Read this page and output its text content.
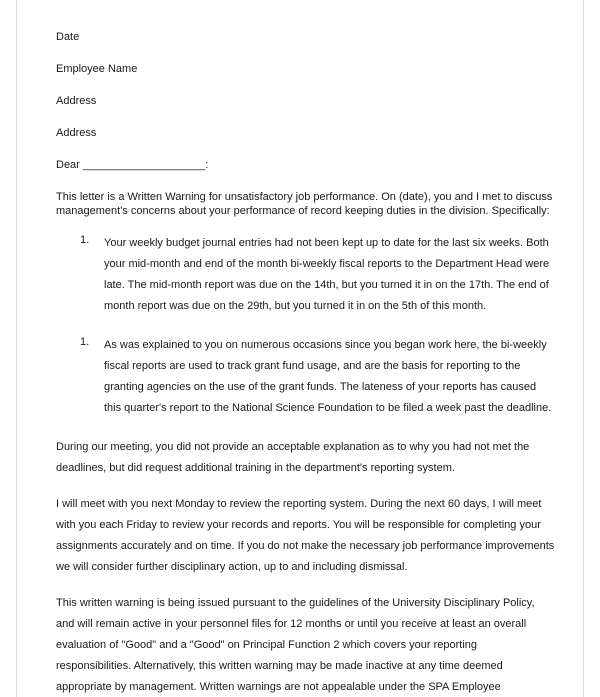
Date

Employee Name

Address

Address

Dear ____________________:

This letter is a Written Warning for unsatisfactory job performance. On (date), you and I met to discuss

management's concerns about your performance of record keeping duties in the division. Specifically:

1.	Your weekly budget journal entries had not been kept up to date for the last six weeks. Both

your mid-month and end of the month bi-weekly fiscal reports to the Department Head were

late. The mid-month report was due on the 14th, but you turned it in on the 17th. The end of

month report was due on the 29th, but you turned it in on the 5th of this month.

1.	As was explained to you on numerous occasions since you began work here, the bi-weekly

fiscal reports are used to track grant fund usage, and are the basis for reporting to the

granting agencies on the use of the grant funds. The lateness of your reports has caused

this quarter's report to the National Science Foundation to be filed a week past the deadline.

During our meeting, you did not provide an acceptable explanation as to why you had not met the

deadlines, but did request additional training in the department's reporting system.

I will meet with you next Monday to review the reporting system. During the next 60 days, I will meet

with you each Friday to review your records and reports. You will be responsible for completing your

assignments accurately and on time. If you do not make the necessary job performance improvements

we will consider further disciplinary action, up to and including dismissal.

This written warning is being issued pursuant to the guidelines of the University Disciplinary Policy,

and will remain active in your personnel files for 12 months or until you receive at least an overall

evaluation of "Good" and a "Good" on Principal Function 2 which covers your reporting

responsibilities. Alternatively, this written warning may be made inactive at any time deemed

appropriate by management. Written warnings are not appealable under the SPA Employee
